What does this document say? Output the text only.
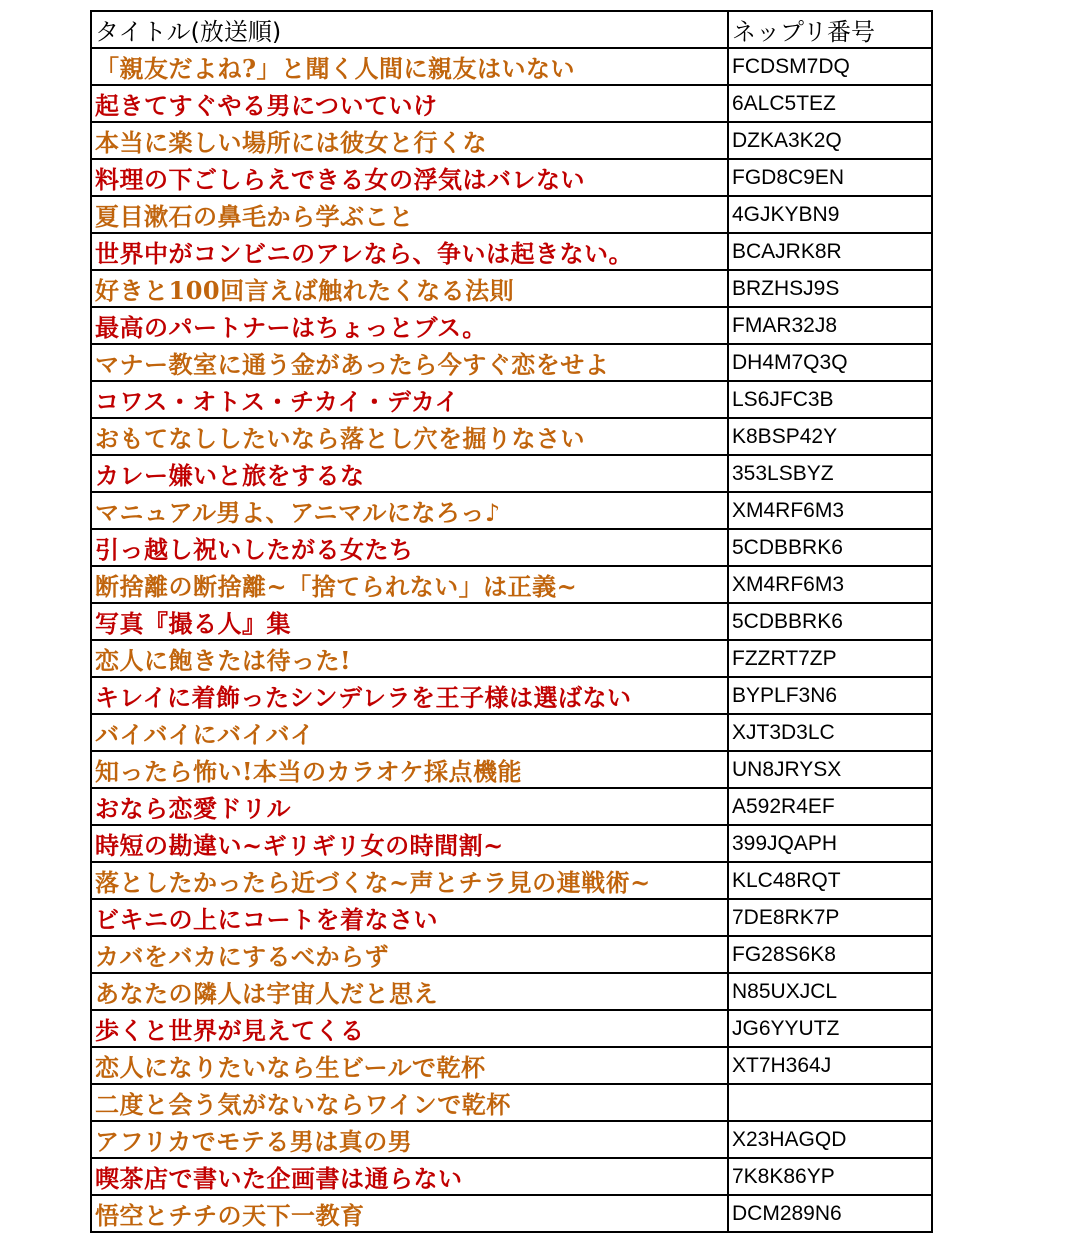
タイトル(放送順)	ネップリ番号
「親友だよね?」と聞く人間に親友はいない	FCDSM7DQ
起きてすぐやる男についていけ	6ALC5TEZ
本当に楽しい場所には彼女と行くな	DZKA3K2Q
料理の下ごしらえできる女の浮気はバレない	FGD8C9EN
夏目漱石の鼻毛から学ぶこと	4GJKYBN9
世界中がコンビニのアレなら、争いは起きない。	BCAJRK8R
好きと100回言えば触れたくなる法則	BRZHSJ9S
最高のパートナーはちょっとブス。	FMAR32J8
マナー教室に通う金があったら今すぐ恋をせよ	DH4M7Q3Q
コワス・オトス・チカイ・デカイ	LS6JFC3B
おもてなししたいなら落とし穴を掘りなさい	K8BSP42Y
カレー嫌いと旅をするな	353LSBYZ
マニュアル男よ、アニマルになろっ♪	XM4RF6M3
引っ越し祝いしたがる女たち	5CDBBRK6
断捨離の断捨離~「捨てられない」は正義~	XM4RF6M3
写真『撮る人』集	5CDBBRK6
恋人に飽きたは待った!	FZZRT7ZP
キレイに着飾ったシンデレラを王子様は選ばない	BYPLF3N6
バイバイにバイバイ	XJT3D3LC
知ったら怖い!本当のカラオケ採点機能	UN8JRYSX
おなら恋愛ドリル	A592R4EF
時短の勘違い~ギリギリ女の時間割~	399JQAPH
落としたかったら近づくな~声とチラ見の連戦術~	KLC48RQT
ビキニの上にコートを着なさい	7DE8RK7P
カバをバカにするべからず	FG28S6K8
あなたの隣人は宇宙人だと思え	N85UXJCL
歩くと世界が見えてくる	JG6YYUTZ
恋人になりたいなら生ビールで乾杯	XT7H364J
二度と会う気がないならワインで乾杯	
アフリカでモテる男は真の男	X23HAGQD
喫茶店で書いた企画書は通らない	7K8K86YP
悟空とチチの天下一教育	DCM289N6
